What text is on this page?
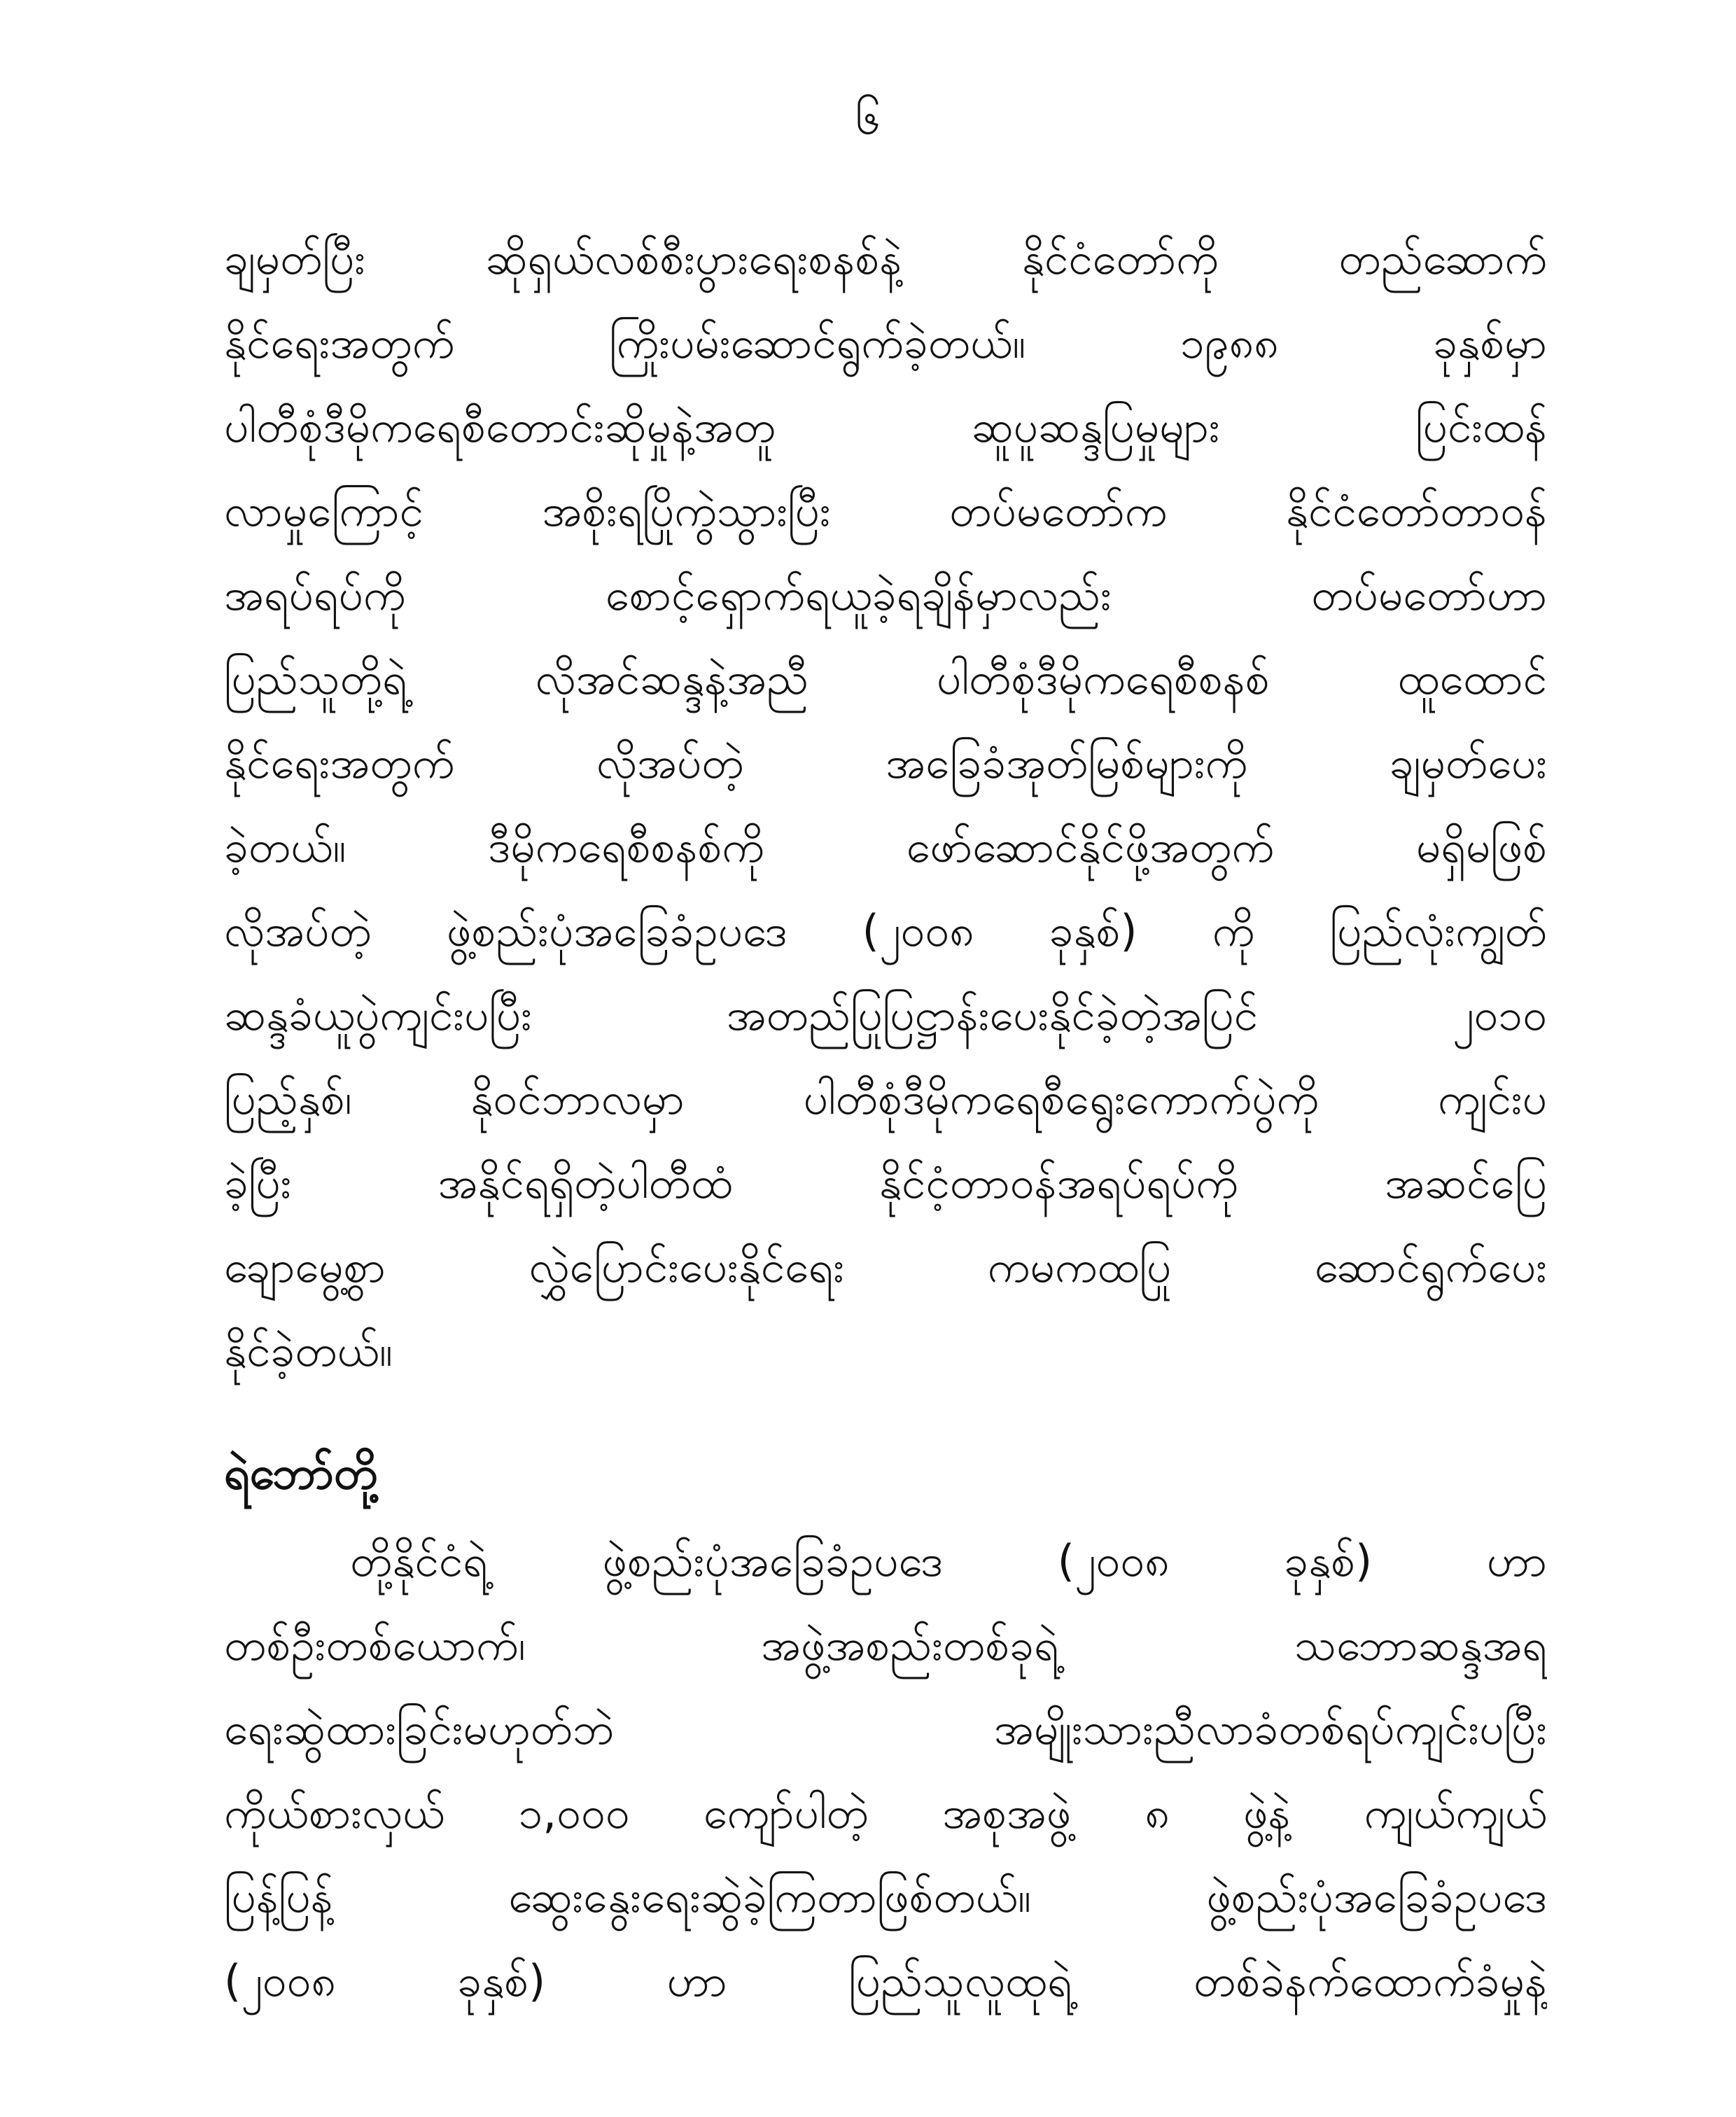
၆
ချမှတ်ပြီး ဆိုရှယ်လစ်စီးပွားရေးစနစ်နဲ့ နိုင်ငံတော်ကို တည်ဆောက်
နိုင်ရေးအတွက် ကြိုးပမ်းဆောင်ရွက်ခဲ့တယ်။ ၁၉၈၈ ခုနှစ်မှာ
ပါတီစုံဒီမိုကရေစီတောင်းဆိုမှုနဲ့အတူ ဆူပူဆန္ဒပြမှုများ ပြင်းထန်
လာမှုကြောင့် အစိုးရပြိုကွဲသွားပြီး တပ်မတော်က နိုင်ငံတော်တာဝန်
အရပ်ရပ်ကို စောင့်ရှောက်ရယူခဲ့ရချိန်မှာလည်း တပ်မတော်ဟာ
ပြည်သူတို့ရဲ့ လိုအင်ဆန္ဒနဲ့အညီ ပါတီစုံဒီမိုကရေစီစနစ် ထူထောင်
နိုင်ရေးအတွက် လိုအပ်တဲ့ အခြေခံအုတ်မြစ်များကို ချမှတ်ပေး
ခဲ့တယ်။ ဒီမိုကရေစီစနစ်ကို ဖော်ဆောင်နိုင်ဖို့အတွက် မရှိမဖြစ်
လိုအပ်တဲ့ ဖွဲ့စည်းပုံအခြေခံဥပဒေ (၂၀၀၈ ခုနှစ်) ကို ပြည်လုံးကျွတ်
ဆန္ဒခံယူပွဲကျင်းပပြီး အတည်ပြုပြဋ္ဌာန်းပေးနိုင်ခဲ့တဲ့အပြင် ၂၀၁၀
ပြည့်နှစ်၊ နိုဝင်ဘာလမှာ ပါတီစုံဒီမိုကရေစီရွေးကောက်ပွဲကို ကျင်းပ
ခဲ့ပြီး အနိုင်ရရှိတဲ့ပါတီထံ နိုင်ငံ့တာဝန်အရပ်ရပ်ကို အဆင်ပြေ
ချောမွေ့စွာ လွှဲပြောင်းပေးနိုင်ရေး ကမကထပြု ဆောင်ရွက်ပေး
နိုင်ခဲ့တယ်။
ရဲဘော်တို့
တို့နိုင်ငံရဲ့ ဖွဲ့စည်းပုံအခြေခံဥပဒေ (၂၀၀၈ ခုနှစ်) ဟာ
တစ်ဦးတစ်ယောက်၊ အဖွဲ့အစည်းတစ်ခုရဲ့ သဘောဆန္ဒအရ
ရေးဆွဲထားခြင်းမဟုတ်ဘဲ အမျိုးသားညီလာခံတစ်ရပ်ကျင်းပပြီး
ကိုယ်စားလှယ် ၁,၀၀၀ ကျော်ပါတဲ့ အစုအဖွဲ့ ၈ ဖွဲ့နဲ့ ကျယ်ကျယ်
ပြန့်ပြန့် ဆွေးနွေးရေးဆွဲခဲ့ကြတာဖြစ်တယ်။ ဖွဲ့စည်းပုံအခြေခံဥပဒေ
(၂၀၀၈ ခုနှစ်) ဟာ ပြည်သူလူထုရဲ့ တစ်ခဲနက်ထောက်ခံမှုနဲ့
